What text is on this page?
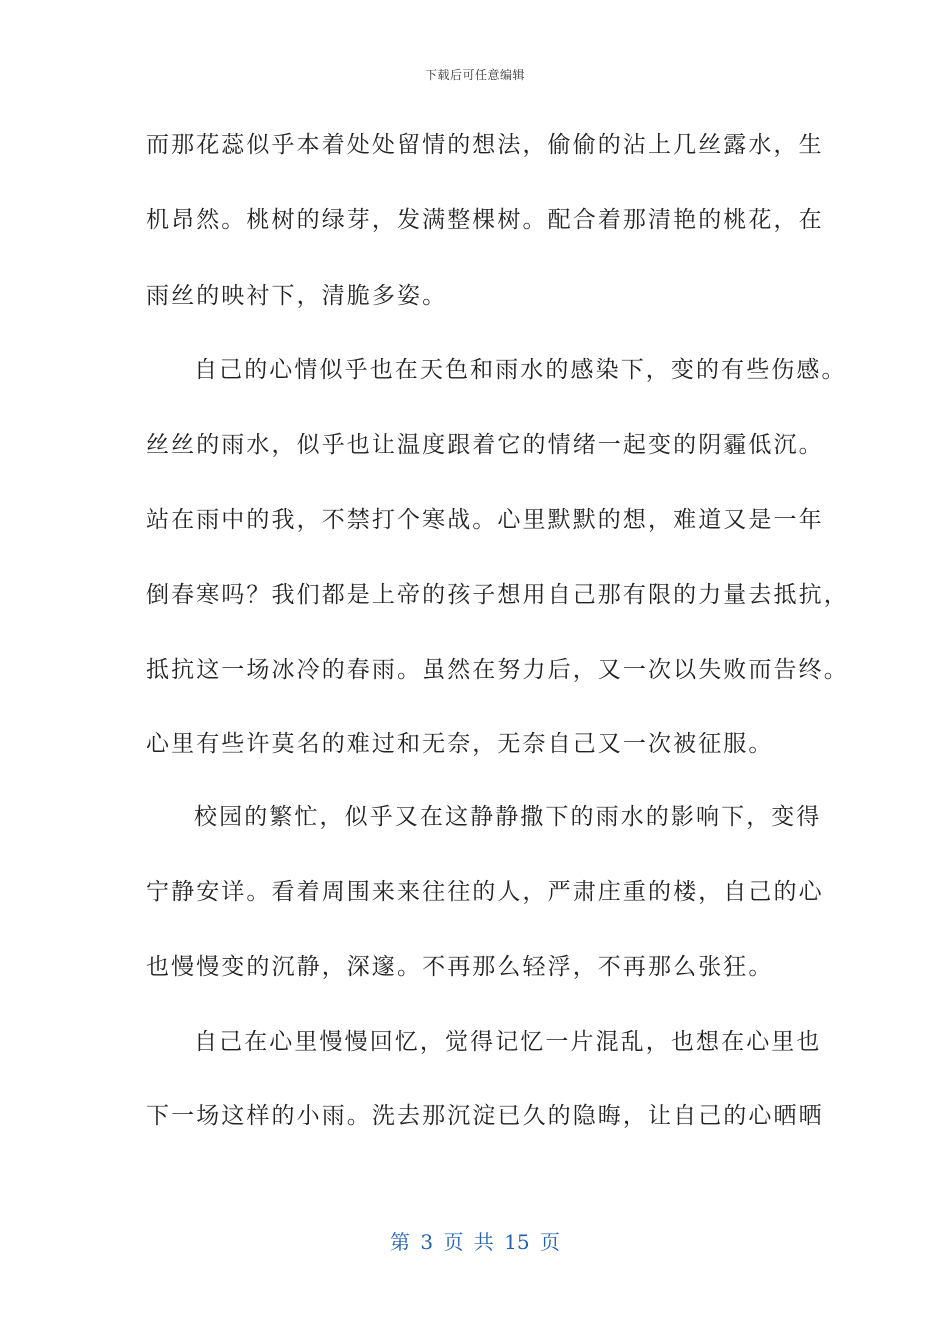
下载后可任意编辑
而那花蕊似乎本着处处留情的想法，偷偷的沾上几丝露水，生
机昂然。桃树的绿芽，发满整棵树。配合着那清艳的桃花，在
雨丝的映衬下，清脆多姿。
自己的心情似乎也在天色和雨水的感染下，变的有些伤感。
丝丝的雨水，似乎也让温度跟着它的情绪一起变的阴霾低沉。
站在雨中的我，不禁打个寒战。心里默默的想，难道又是一年
倒春寒吗？我们都是上帝的孩子想用自己那有限的力量去抵抗，
抵抗这一场冰冷的春雨。虽然在努力后，又一次以失败而告终。
心里有些许莫名的难过和无奈，无奈自己又一次被征服。
校园的繁忙，似乎又在这静静撒下的雨水的影响下，变得
宁静安详。看着周围来来往往的人，严肃庄重的楼，自己的心
也慢慢变的沉静，深邃。不再那么轻浮，不再那么张狂。
自己在心里慢慢回忆，觉得记忆一片混乱，也想在心里也
下一场这样的小雨。洗去那沉淀已久的隐晦，让自己的心晒晒
第 3 页 共 15 页
